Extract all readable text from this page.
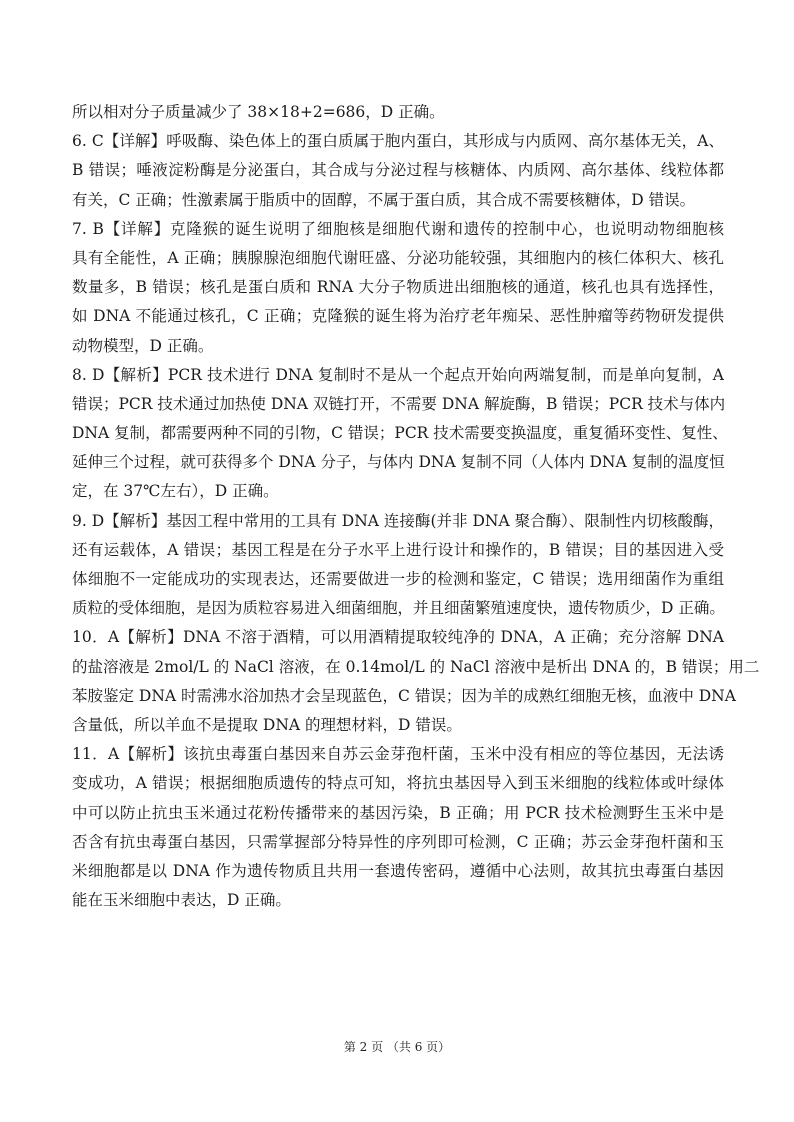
所以相对分子质量减少了 38×18+2=686，D 正确。
6. C【详解】呼吸酶、染色体上的蛋白质属于胞内蛋白，其形成与内质网、高尔基体无关，A、
B 错误；唾液淀粉酶是分泌蛋白，其合成与分泌过程与核糖体、内质网、高尔基体、线粒体都
有关，C 正确；性激素属于脂质中的固醇，不属于蛋白质，其合成不需要核糖体，D 错误。
7. B【详解】克隆猴的诞生说明了细胞核是细胞代谢和遗传的控制中心，也说明动物细胞核
具有全能性，A 正确；胰腺腺泡细胞代谢旺盛、分泌功能较强，其细胞内的核仁体积大、核孔
数量多，B 错误；核孔是蛋白质和 RNA 大分子物质进出细胞核的通道，核孔也具有选择性，
如 DNA 不能通过核孔，C 正确；克隆猴的诞生将为治疗老年痴呆、恶性肿瘤等药物研发提供
动物模型，D 正确。
8. D【解析】PCR 技术进行 DNA 复制时不是从一个起点开始向两端复制，而是单向复制，A
错误；PCR 技术通过加热使 DNA 双链打开，不需要 DNA 解旋酶，B 错误；PCR 技术与体内
DNA 复制，都需要两种不同的引物，C 错误；PCR 技术需要变换温度，重复循环变性、复性、
延伸三个过程，就可获得多个 DNA 分子，与体内 DNA 复制不同（人体内 DNA 复制的温度恒
定，在 37℃左右），D 正确。
9. D【解析】基因工程中常用的工具有 DNA 连接酶(并非 DNA 聚合酶）、限制性内切核酸酶，
还有运载体，A 错误；基因工程是在分子水平上进行设计和操作的，B 错误；目的基因进入受
体细胞不一定能成功的实现表达，还需要做进一步的检测和鉴定，C 错误；选用细菌作为重组
质粒的受体细胞，是因为质粒容易进入细菌细胞，并且细菌繁殖速度快，遗传物质少，D 正确。
10．A【解析】DNA 不溶于酒精，可以用酒精提取较纯净的 DNA，A 正确；充分溶解 DNA
的盐溶液是 2mol/L 的 NaCl 溶液，在 0.14mol/L 的 NaCl 溶液中是析出 DNA 的，B 错误；用二
苯胺鉴定 DNA 时需沸水浴加热才会呈现蓝色，C 错误；因为羊的成熟红细胞无核，血液中 DNA
含量低，所以羊血不是提取 DNA 的理想材料，D 错误。
11．A【解析】该抗虫毒蛋白基因来自苏云金芽孢杆菌，玉米中没有相应的等位基因，无法诱
变成功，A 错误；根据细胞质遗传的特点可知，将抗虫基因导入到玉米细胞的线粒体或叶绿体
中可以防止抗虫玉米通过花粉传播带来的基因污染，B 正确；用 PCR 技术检测野生玉米中是
否含有抗虫毒蛋白基因，只需掌握部分特异性的序列即可检测，C 正确；苏云金芽孢杆菌和玉
米细胞都是以 DNA 作为遗传物质且共用一套遗传密码，遵循中心法则，故其抗虫毒蛋白基因
能在玉米细胞中表达，D 正确。
第 2 页 （共 6 页）
